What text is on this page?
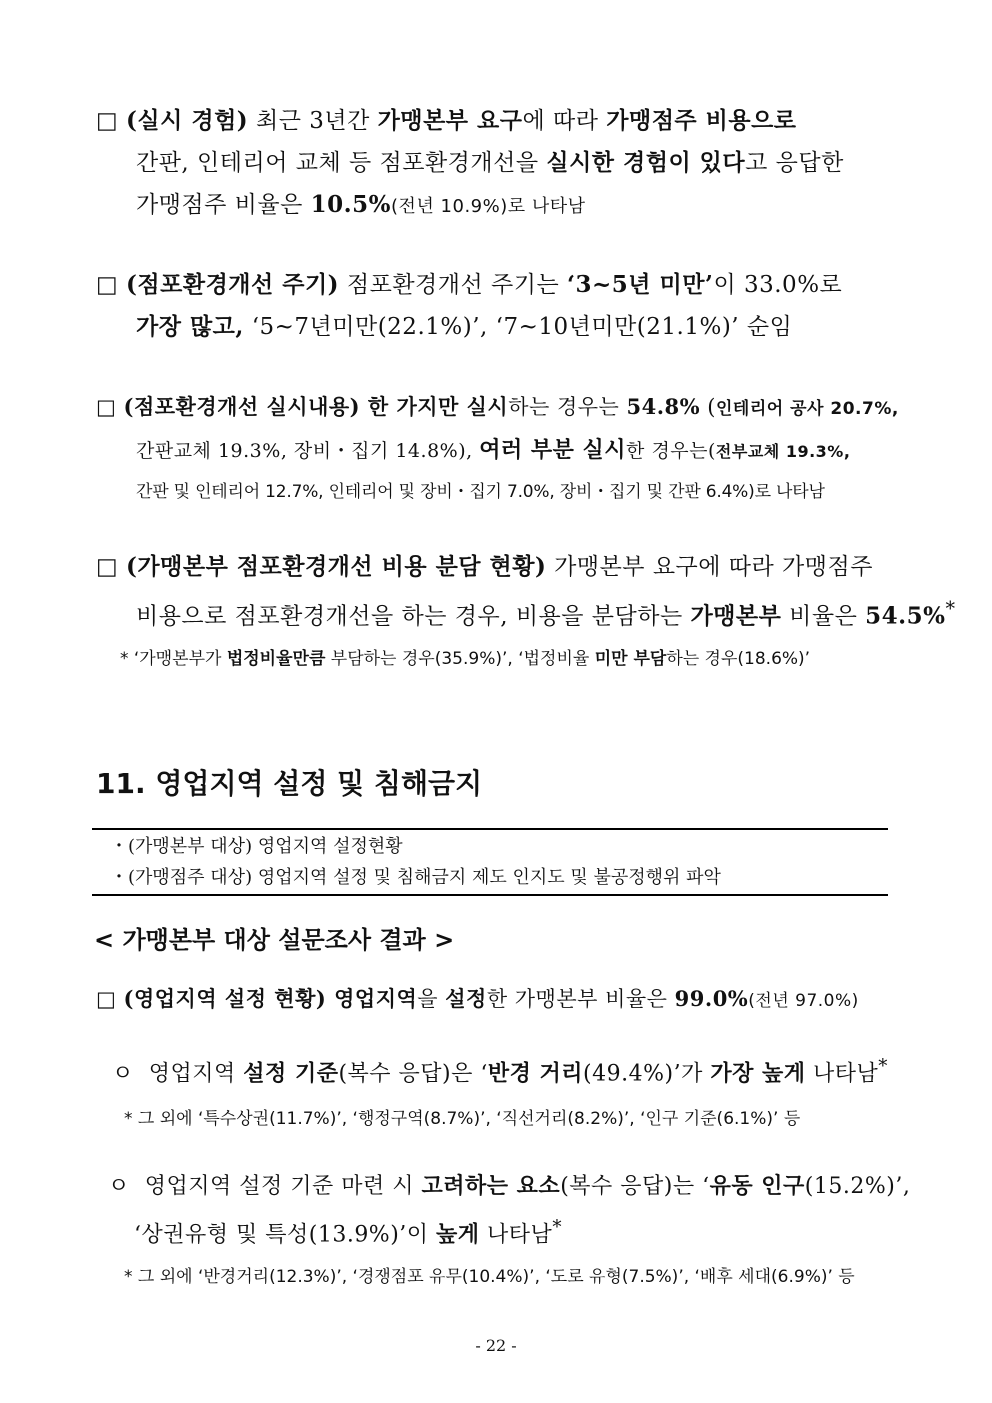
□ (실시 경험) 최근 3년간 가맹본부 요구에 따라 가맹점주 비용으로
간판, 인테리어 교체 등 점포환경개선을 실시한 경험이 있다고 응답한
가맹점주 비율은 10.5%(전년 10.9%)로 나타남
□ (점포환경개선 주기) 점포환경개선 주기는 ‘3~5년 미만’이 33.0%로
가장 많고, ‘5~7년미만(22.1%)’, ‘7~10년미만(21.1%)’ 순임
□ (점포환경개선 실시내용) 한 가지만 실시하는 경우는 54.8% (인테리어 공사 20.7%,
간판교체 19.3%, 장비・집기 14.8%), 여러 부분 실시한 경우는(전부교체 19.3%,
간판 및 인테리어 12.7%, 인테리어 및 장비・집기 7.0%, 장비・집기 및 간판 6.4%)로 나타남
□ (가맹본부 점포환경개선 비용 분담 현황) 가맹본부 요구에 따라 가맹점주
비용으로 점포환경개선을 하는 경우, 비용을 분담하는 가맹본부 비율은 54.5%*
* ‘가맹본부가 법정비율만큼 부담하는 경우(35.9%)’, ‘법정비율 미만 부담하는 경우(18.6%)’
11. 영업지역 설정 및 침해금지
・(가맹본부 대상) 영업지역 설정현황
・(가맹점주 대상) 영업지역 설정 및 침해금지 제도 인지도 및 불공정행위 파악
< 가맹본부 대상 설문조사 결과 >
□ (영업지역 설정 현황) 영업지역을 설정한 가맹본부 비율은 99.0%(전년 97.0%)
ㅇ 영업지역 설정 기준(복수 응답)은 ‘반경 거리(49.4%)’가 가장 높게 나타남*
* 그 외에 ‘특수상권(11.7%)’, ‘행정구역(8.7%)’, ‘직선거리(8.2%)’, ‘인구 기준(6.1%)’ 등
ㅇ 영업지역 설정 기준 마련 시 고려하는 요소(복수 응답)는 ‘유동 인구(15.2%)’,
‘상권유형 및 특성(13.9%)’이 높게 나타남*
* 그 외에 ‘반경거리(12.3%)’, ‘경쟁점포 유무(10.4%)’, ‘도로 유형(7.5%)’, ‘배후 세대(6.9%)’ 등
- 22 -
